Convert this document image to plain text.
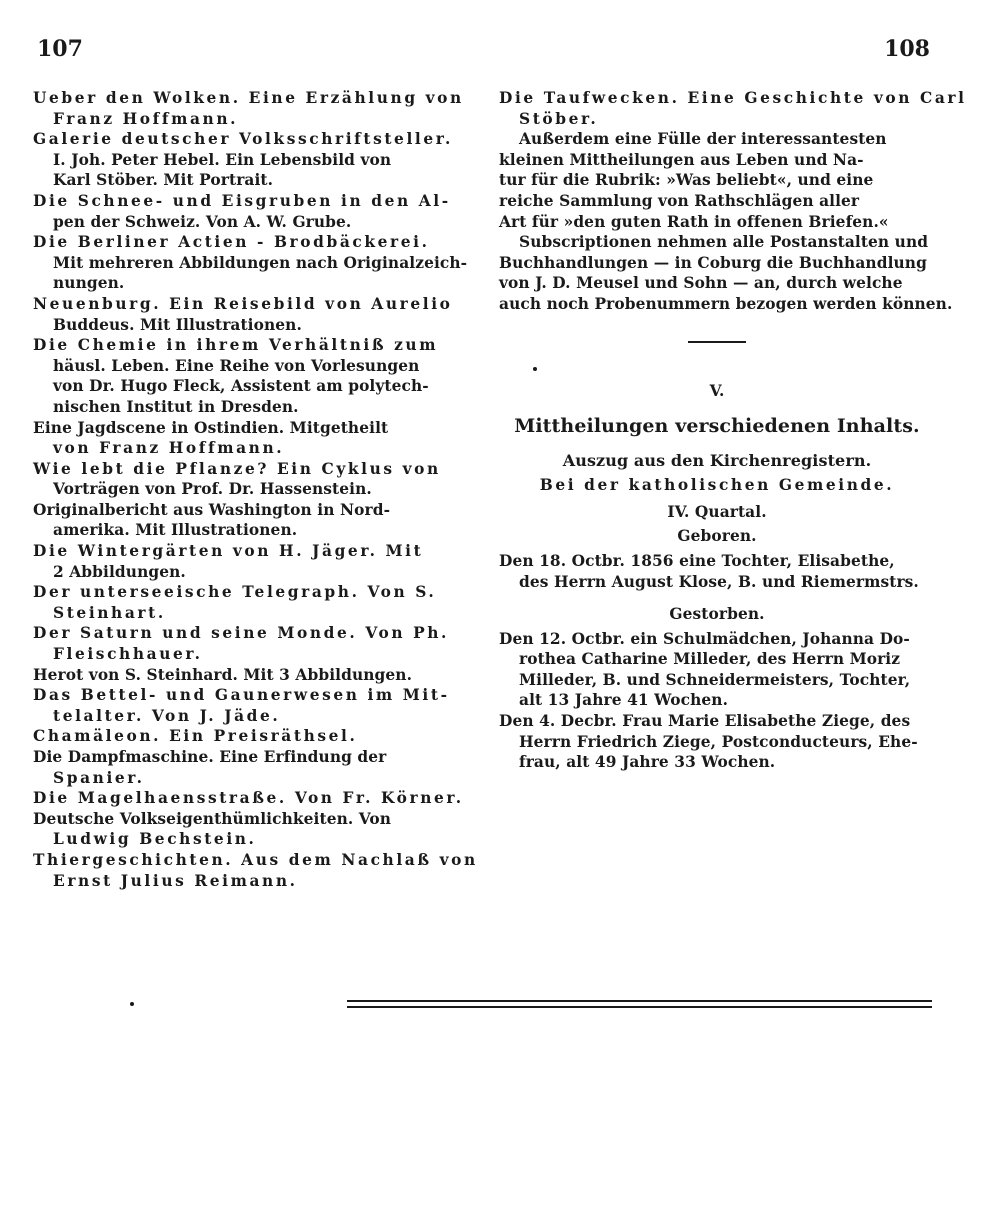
107	108
Ueber den Wolken. Eine Erzählung von
Franz Hoffmann.
Galerie deutscher Volksschriftsteller.
I. Joh. Peter Hebel. Ein Lebensbild von
Karl Stöber. Mit Portrait.
Die Schnee- und Eisgruben in den Al-
pen der Schweiz. Von A. W. Grube.
Die Berliner Actien - Brodbäckerei.
Mit mehreren Abbildungen nach Originalzeich-
nungen.
Neuenburg. Ein Reisebild von Aurelio
Buddeus. Mit Illustrationen.
Die Chemie in ihrem Verhältniß zum
häusl. Leben. Eine Reihe von Vorlesungen
von Dr. Hugo Fleck, Assistent am polytech-
nischen Institut in Dresden.
Eine Jagdscene in Ostindien. Mitgetheilt
von Franz Hoffmann.
Wie lebt die Pflanze? Ein Cyklus von
Vorträgen von Prof. Dr. Hassenstein.
Originalbericht aus Washington in Nord-
amerika. Mit Illustrationen.
Die Wintergärten von H. Jäger. Mit
2 Abbildungen.
Der unterseeische Telegraph. Von S.
Steinhart.
Der Saturn und seine Monde. Von Ph.
Fleischhauer.
Herot von S. Steinhard. Mit 3 Abbildungen.
Das Bettel- und Gaunerwesen im Mit-
telalter. Von J. Jäde.
Chamäleon. Ein Preisräthsel.
Die Dampfmaschine. Eine Erfindung der
Spanier.
Die Magelhaensstraße. Von Fr. Körner.
Deutsche Volkseigenthümlichkeiten. Von
Ludwig Bechstein.
Thiergeschichten. Aus dem Nachlaß von
Ernst Julius Reimann.
Die Taufwecken. Eine Geschichte von Carl
Stöber.
Außerdem eine Fülle der interessantesten
kleinen Mittheilungen aus Leben und Na-
tur für die Rubrik: »Was beliebt«, und eine
reiche Sammlung von Rathschlägen aller
Art für »den guten Rath in offenen Briefen.«
Subscriptionen nehmen alle Postanstalten und
Buchhandlungen — in Coburg die Buchhandlung
von J. D. Meusel und Sohn — an, durch welche
auch noch Probenummern bezogen werden können.
V.
Mittheilungen verschiedenen Inhalts.
Auszug aus den Kirchenregistern.
Bei der katholischen Gemeinde.
IV. Quartal.
Geboren.
Den 18. Octbr. 1856 eine Tochter, Elisabethe,
des Herrn August Klose, B. und Riemermstrs.
Gestorben.
Den 12. Octbr. ein Schulmädchen, Johanna Do-
rothea Catharine Milleder, des Herrn Moriz
Milleder, B. und Schneidermeisters, Tochter,
alt 13 Jahre 41 Wochen.
Den 4. Decbr. Frau Marie Elisabethe Ziege, des
Herrn Friedrich Ziege, Postconducteurs, Ehe-
frau, alt 49 Jahre 33 Wochen.
